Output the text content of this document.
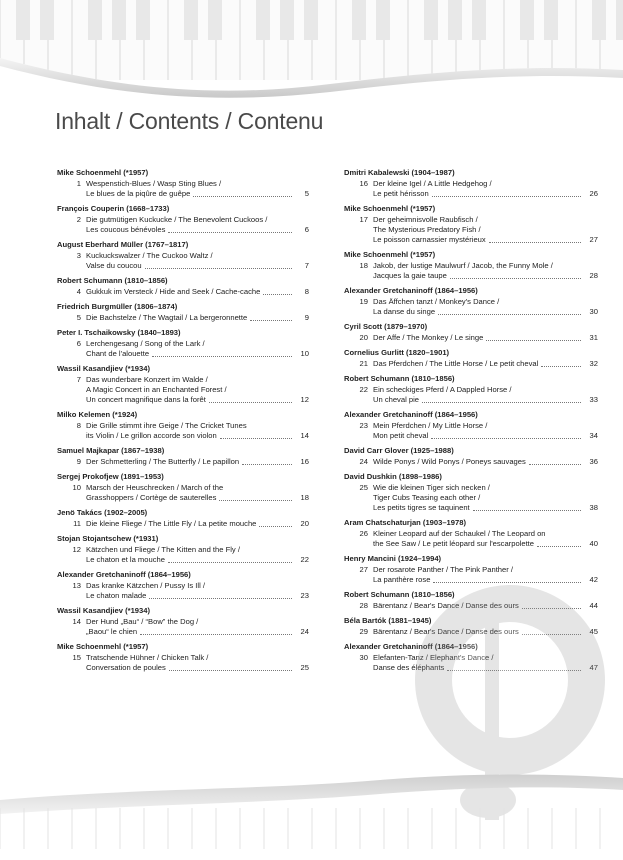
Inhalt / Contents / Contenu
Mike Schoenmehl (*1957)
1 Wespenstich-Blues / Wasp Sting Blues /
Le blues de la piqûre de guêpe	5
François Couperin (1668–1733)
2 Die gutmütigen Kuckucke / The Benevolent Cuckoos /
Les coucous bénévoles	6
August Eberhard Müller (1767–1817)
3 Kuckuckswalzer / The Cuckoo Waltz /
Valse du coucou	7
Robert Schumann (1810–1856)
4 Gukkuk im Versteck / Hide and Seek / Cache-cache	8
Friedrich Burgmüller (1806–1874)
5 Die Bachstelze / The Wagtail / La bergeronnette	9
Peter I. Tschaikowsky (1840–1893)
6 Lerchengesang / Song of the Lark /
Chant de l'alouette	10
Wassil Kasandjiev (*1934)
7 Das wunderbare Konzert im Walde /
A Magic Concert in an Enchanted Forest /
Un concert magnifique dans la forêt	12
Milko Kelemen (*1924)
8 Die Grille stimmt ihre Geige / The Cricket Tunes
its Violin / Le grillon accorde son violon	14
Samuel Majkapar (1867–1938)
9 Der Schmetterling / The Butterfly / Le papillon	16
Sergej Prokofjew (1891–1953)
10 Marsch der Heuschrecken / March of the
Grasshoppers / Cortège de sauterelles	18
Jenö Takács (1902–2005)
11 Die kleine Fliege / The Little Fly / La petite mouche	20
Stojan Stojantschew (*1931)
12 Kätzchen und Fliege / The Kitten and the Fly /
Le chaton et la mouche	22
Alexander Gretchaninoff (1864–1956)
13 Das kranke Kätzchen / Pussy Is Ill /
Le chaton malade	23
Wassil Kasandjiev (*1934)
14 Der Hund „Bau“ / “Bow” the Dog /
„Baou“ le chien	24
Mike Schoenmehl (*1957)
15 Tratschende Hühner / Chicken Talk /
Conversation de poules	25
Dmitri Kabalewski (1904–1987)
16 Der kleine Igel / A Little Hedgehog /
Le petit hérisson	26
Mike Schoenmehl (*1957)
17 Der geheimnisvolle Raubfisch /
The Mysterious Predatory Fish /
Le poisson carnassier mystérieux	27
Mike Schoenmehl (*1957)
18 Jakob, der lustige Maulwurf / Jacob, the Funny Mole /
Jacques la gaie taupe	28
Alexander Gretchaninoff (1864–1956)
19 Das Äffchen tanzt / Monkey's Dance /
La danse du singe	30
Cyril Scott (1879–1970)
20 Der Affe / The Monkey / Le singe	31
Cornelius Gurlitt (1820–1901)
21 Das Pferdchen / The Little Horse / Le petit cheval	32
Robert Schumann (1810–1856)
22 Ein scheckiges Pferd / A Dappled Horse /
Un cheval pie	33
Alexander Gretchaninoff (1864–1956)
23 Mein Pferdchen / My Little Horse /
Mon petit cheval	34
David Carr Glover (1925–1988)
24 Wilde Ponys / Wild Ponys / Poneys sauvages	36
David Dushkin (1898–1986)
25 Wie die kleinen Tiger sich necken /
Tiger Cubs Teasing each other /
Les petits tigres se taquinent	38
Aram Chatschaturjan (1903–1978)
26 Kleiner Leopard auf der Schaukel / The Leopard on
the See Saw / Le petit léopard sur l'escarpolette	40
Henry Mancini (1924–1994)
27 Der rosarote Panther / The Pink Panther /
La panthère rose	42
Robert Schumann (1810–1856)
28 Bärentanz / Bear's Dance / Danse des ours	44
Béla Bartók (1881–1945)
29 Bärentanz / Bear's Dance / Danse des ours	45
Alexander Gretchaninoff (1864–1956)
30 Elefanten-Tanz / Elephant's Dance /
Danse des éléphants	47
